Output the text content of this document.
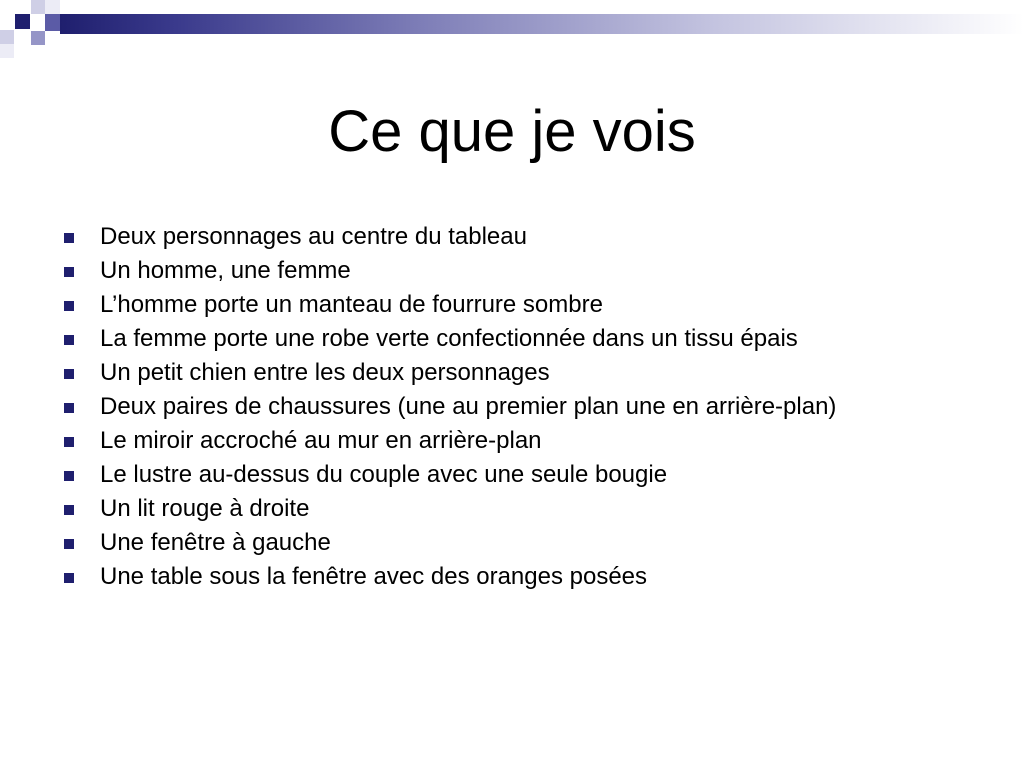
Ce que je vois
Deux personnages au centre du tableau
Un homme, une femme
L’homme porte un manteau de fourrure sombre
La femme porte une robe verte confectionnée dans un tissu épais
Un petit chien entre les deux personnages
Deux paires de chaussures (une au premier plan une en arrière-plan)
Le miroir accroché au mur en arrière-plan
Le lustre au-dessus du couple avec une seule bougie
Un lit rouge à droite
Une fenêtre à gauche
Une table sous la fenêtre avec des oranges posées
